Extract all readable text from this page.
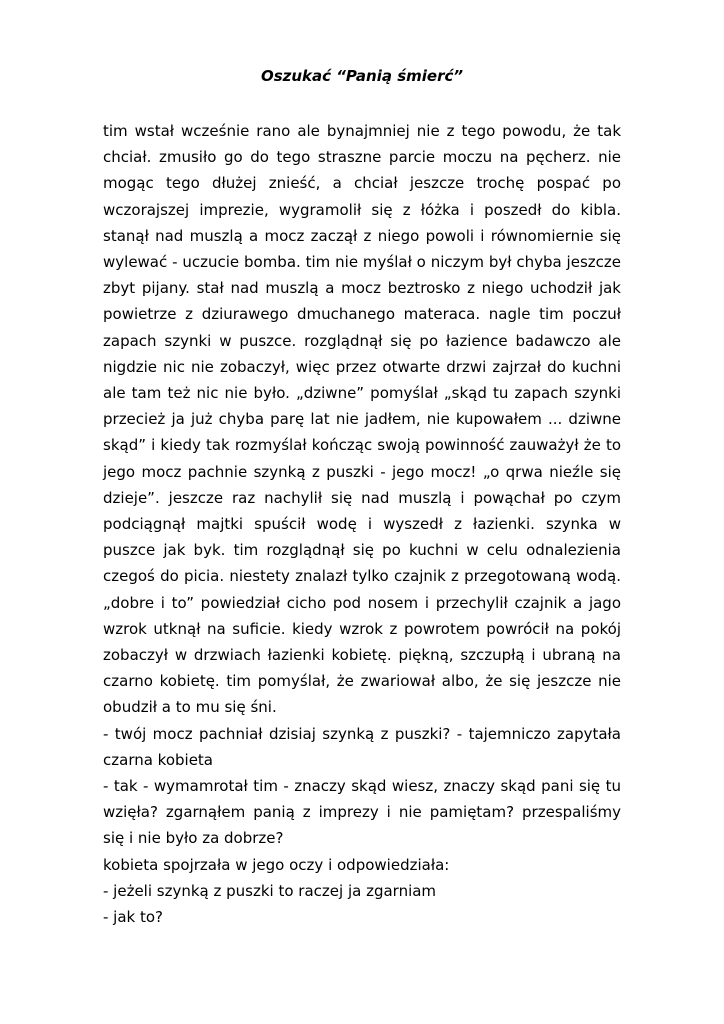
Oszukać “Panią śmierć”

tim wstał wcześnie rano ale bynajmniej nie z tego powodu, że tak chciał. zmusiło go do tego straszne parcie moczu na pęcherz. nie mogąc tego dłużej znieść, a chciał jeszcze trochę pospać po wczorajszej imprezie, wygramolił się z łóżka i poszedł do kibla. stanął nad muszlą a mocz zaczął z niego powoli i równomiernie się wylewać - uczucie bomba. tim nie myślał o niczym był chyba jeszcze zbyt pijany. stał nad muszlą a mocz beztrosko z niego uchodził jak powietrze z dziurawego dmuchanego materaca. nagle tim poczuł zapach szynki w puszce. rozglądnął się po łazience badawczo ale nigdzie nic nie zobaczył, więc przez otwarte drzwi zajrzał do kuchni ale tam też nic nie było. „dziwne” pomyślał „skąd tu zapach szynki przecież ja już chyba parę lat nie jadłem, nie kupowałem ... dziwne skąd” i kiedy tak rozmyślał kończąc swoją powinność zauważył że to jego mocz pachnie szynką z puszki - jego mocz! „o qrwa nieźle się dzieje”. jeszcze raz nachylił się nad muszlą i powąchał po czym podciągnął majtki spuścił wodę i wyszedł z łazienki. szynka w puszce jak byk. tim rozglądnął się po kuchni w celu odnalezienia czegoś do picia. niestety znalazł tylko czajnik z przegotowaną wodą. „dobre i to” powiedział cicho pod nosem i przechylił czajnik a jago wzrok utknął na suficie. kiedy wzrok z powrotem powrócił na pokój zobaczył w drzwiach łazienki kobietę. piękną, szczupłą i ubraną na czarno kobietę. tim pomyślał, że zwariował albo, że się jeszcze nie obudził a to mu się śni.

- twój mocz pachniał dzisiaj szynką z puszki? - tajemniczo zapytała czarna kobieta

- tak - wymamrotał tim - znaczy skąd wiesz, znaczy skąd pani się tu wzięła? zgarnąłem panią z imprezy i nie pamiętam? przespaliśmy się i nie było za dobrze?

kobieta spojrzała w jego oczy i odpowiedziała:

- jeżeli szynką z puszki to raczej ja zgarniam

- jak to?
